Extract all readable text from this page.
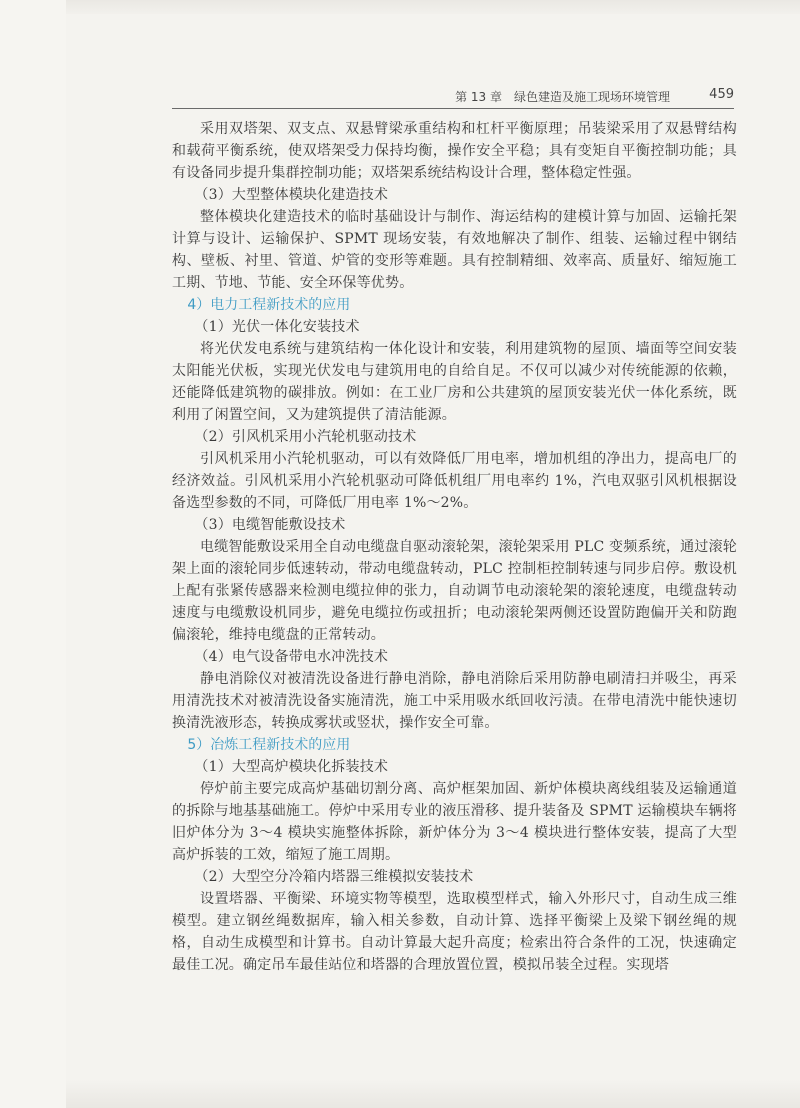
第 13 章　绿色建造及施工现场环境管理	459

采用双塔架、双支点、双悬臂梁承重结构和杠杆平衡原理；吊装梁采用了双悬臂结构和载荷平衡系统，使双塔架受力保持均衡，操作安全平稳；具有变矩自平衡控制功能；具有设备同步提升集群控制功能；双塔架系统结构设计合理，整体稳定性强。

（3）大型整体模块化建造技术

整体模块化建造技术的临时基础设计与制作、海运结构的建模计算与加固、运输托架计算与设计、运输保护、SPMT 现场安装，有效地解决了制作、组装、运输过程中钢结构、壁板、衬里、管道、炉管的变形等难题。具有控制精细、效率高、质量好、缩短施工工期、节地、节能、安全环保等优势。

4）电力工程新技术的应用

（1）光伏一体化安装技术

将光伏发电系统与建筑结构一体化设计和安装，利用建筑物的屋顶、墙面等空间安装太阳能光伏板，实现光伏发电与建筑用电的自给自足。不仅可以减少对传统能源的依赖，还能降低建筑物的碳排放。例如：在工业厂房和公共建筑的屋顶安装光伏一体化系统，既利用了闲置空间，又为建筑提供了清洁能源。

（2）引风机采用小汽轮机驱动技术

引风机采用小汽轮机驱动，可以有效降低厂用电率，增加机组的净出力，提高电厂的经济效益。引风机采用小汽轮机驱动可降低机组厂用电率约 1%，汽电双驱引风机根据设备选型参数的不同，可降低厂用电率 1%～2%。

（3）电缆智能敷设技术

电缆智能敷设采用全自动电缆盘自驱动滚轮架，滚轮架采用 PLC 变频系统，通过滚轮架上面的滚轮同步低速转动，带动电缆盘转动，PLC 控制柜控制转速与同步启停。敷设机上配有张紧传感器来检测电缆拉伸的张力，自动调节电动滚轮架的滚轮速度，电缆盘转动速度与电缆敷设机同步，避免电缆拉伤或扭折；电动滚轮架两侧还设置防跑偏开关和防跑偏滚轮，维持电缆盘的正常转动。

（4）电气设备带电水冲洗技术

静电消除仪对被清洗设备进行静电消除，静电消除后采用防静电刷清扫并吸尘，再采用清洗技术对被清洗设备实施清洗，施工中采用吸水纸回收污渍。在带电清洗中能快速切换清洗液形态，转换成雾状或竖状，操作安全可靠。

5）冶炼工程新技术的应用

（1）大型高炉模块化拆装技术

停炉前主要完成高炉基础切割分离、高炉框架加固、新炉体模块离线组装及运输通道的拆除与地基基础施工。停炉中采用专业的液压滑移、提升装备及 SPMT 运输模块车辆将旧炉体分为 3～4 模块实施整体拆除，新炉体分为 3～4 模块进行整体安装，提高了大型高炉拆装的工效，缩短了施工周期。

（2）大型空分冷箱内塔器三维模拟安装技术

设置塔器、平衡梁、环境实物等模型，选取模型样式，输入外形尺寸，自动生成三维模型。建立钢丝绳数据库，输入相关参数，自动计算、选择平衡梁上及梁下钢丝绳的规格，自动生成模型和计算书。自动计算最大起升高度；检索出符合条件的工况，快速确定最佳工况。确定吊车最佳站位和塔器的合理放置位置，模拟吊装全过程。实现塔
